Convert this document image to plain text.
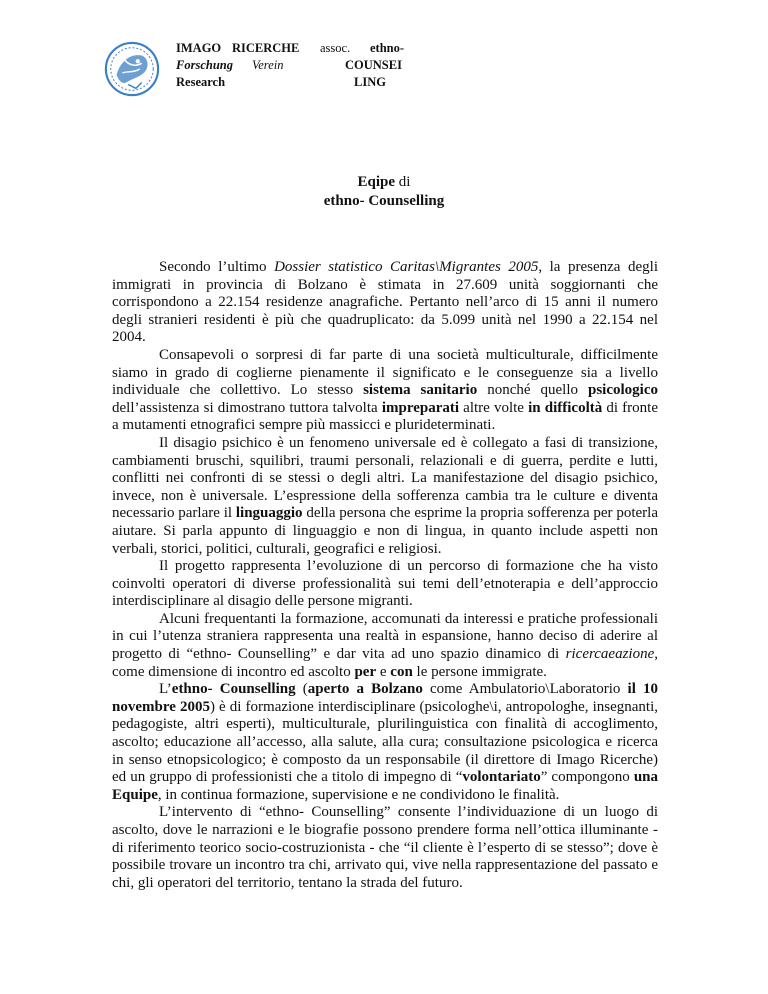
IMAGO RICERCHE assoc. ethno-
Forschung Verein	COUNSEI
Research	LING
Eqipe di
ethno- Counselling

Secondo l’ultimo Dossier statistico Caritas\Migrantes 2005, la presenza degli immigrati in provincia di Bolzano è stimata in 27.609 unità soggiornanti che corrispondono a 22.154 residenze anagrafiche. Pertanto nell’arco di 15 anni il numero degli stranieri residenti è più che quadruplicato: da 5.099 unità nel 1990 a 22.154 nel 2004.

Consapevoli o sorpresi di far parte di una società multiculturale, difficilmente siamo in grado di coglierne pienamente il significato e le conseguenze sia a livello individuale che collettivo. Lo stesso sistema sanitario nonché quello psicologico dell’assistenza si dimostrano tuttora talvolta impreparati altre volte in difficoltà di fronte a mutamenti etnografici sempre più massicci e plurideterminati.

Il disagio psichico è un fenomeno universale ed è collegato a fasi di transizione, cambiamenti bruschi, squilibri, traumi personali, relazionali e di guerra, perdite e lutti, conflitti nei confronti di se stessi o degli altri. La manifestazione del disagio psichico, invece, non è universale. L’espressione della sofferenza cambia tra le culture e diventa necessario parlare il linguaggio della persona che esprime la propria sofferenza per poterla aiutare. Si parla appunto di linguaggio e non di lingua, in quanto include aspetti non verbali, storici, politici, culturali, geografici e religiosi.

Il progetto rappresenta l’evoluzione di un percorso di formazione che ha visto coinvolti operatori di diverse professionalità sui temi dell’etnoterapia e dell’approccio interdisciplinare al disagio delle persone migranti.

Alcuni frequentanti la formazione, accomunati da interessi e pratiche professionali in cui l’utenza straniera rappresenta una realtà in espansione, hanno deciso di aderire al progetto di “ethno- Counselling” e dar vita ad uno spazio dinamico di ricercaeazione, come dimensione di incontro ed ascolto per e con le persone immigrate.

L’ethno- Counselling (aperto a Bolzano come Ambulatorio\Laboratorio il 10 novembre 2005) è di formazione interdisciplinare (psicologhe\i, antropologhe, insegnanti, pedagogiste, altri esperti), multiculturale, plurilinguistica con finalità di accoglimento, ascolto; educazione all’accesso, alla salute, alla cura; consultazione psicologica e ricerca in senso etnopsicologico; è composto da un responsabile (il direttore di Imago Ricerche) ed un gruppo di professionisti che a titolo di impegno di “volontariato” compongono una Equipe, in continua formazione, supervisione e ne condividono le finalità.

L’intervento di “ethno- Counselling” consente l’individuazione di un luogo di ascolto, dove le narrazioni e le biografie possono prendere forma nell’ottica illuminante - di riferimento teorico socio-costruzionista - che “il cliente è l’esperto di se stesso”; dove è possibile trovare un incontro tra chi, arrivato qui, vive nella rappresentazione del passato e chi, gli operatori del territorio, tentano la strada del futuro.
